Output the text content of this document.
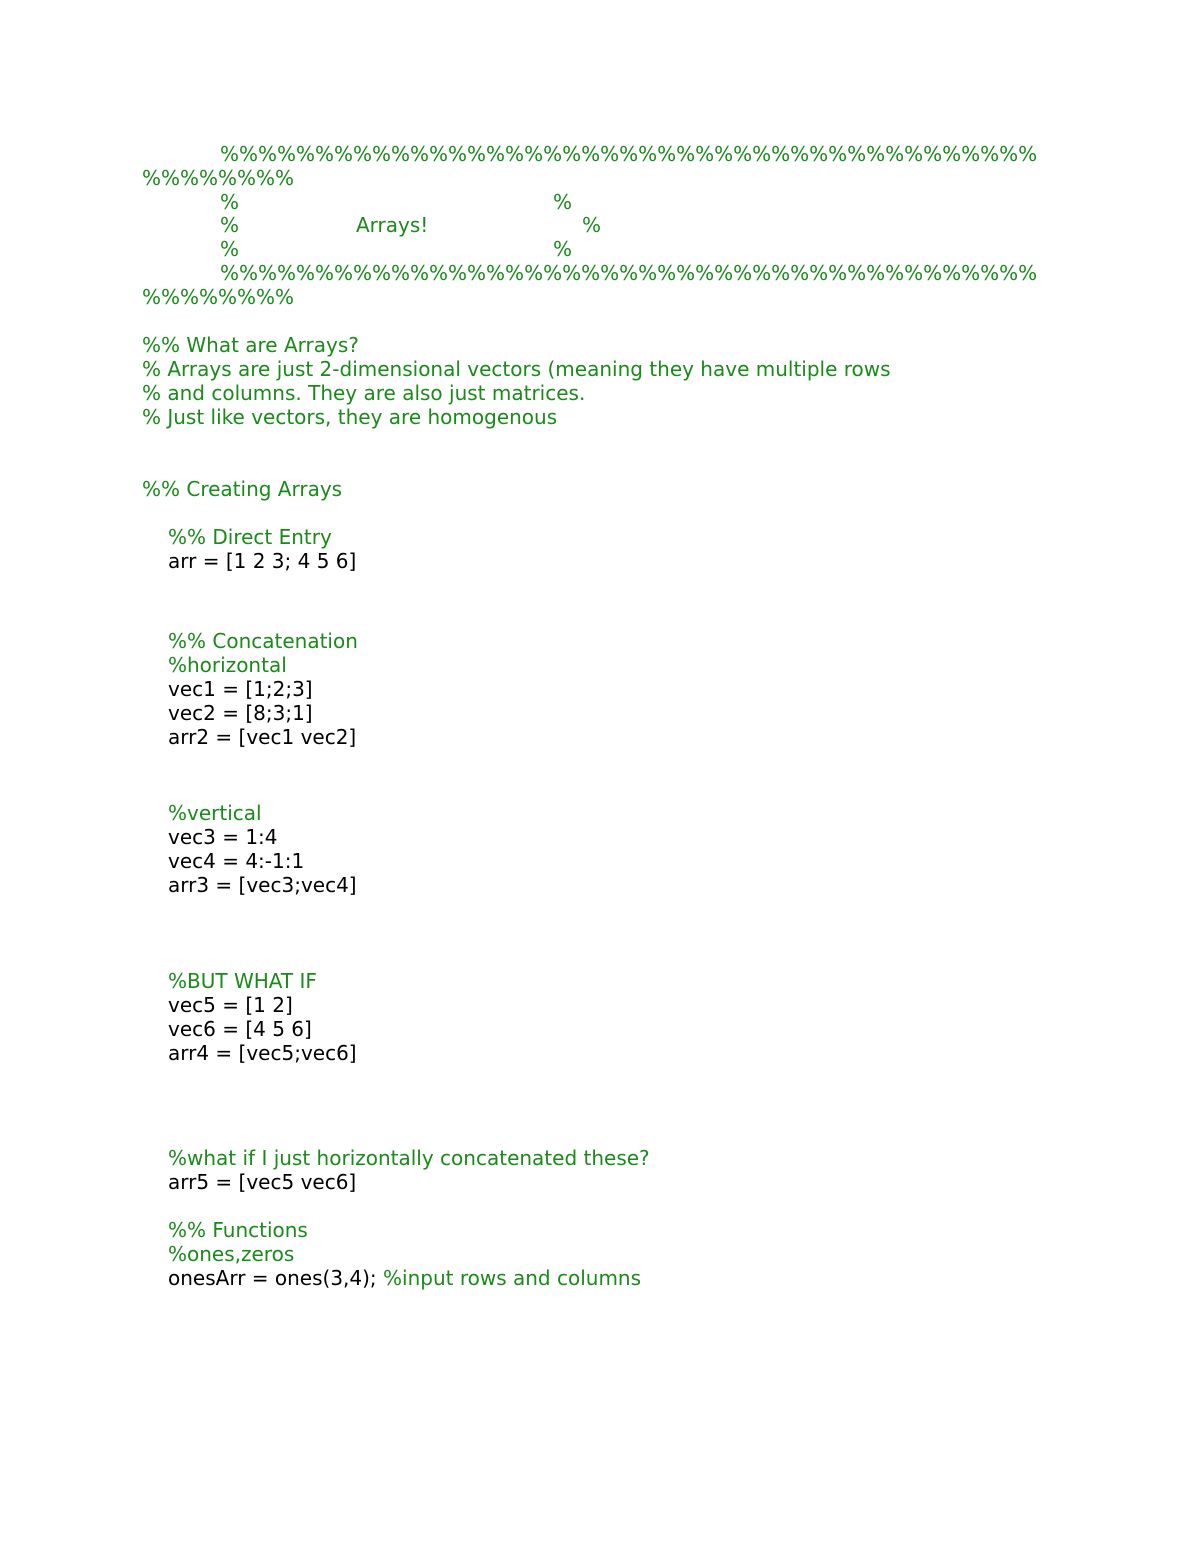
%%%%%%%%%%%%%%%%%%%%%%%%%%%%%%%%%%%%%%%%%%%
%%%%%%%%
%	%
%	Arrays!	%
%	%
%%%%%%%%%%%%%%%%%%%%%%%%%%%%%%%%%%%%%%%%%%%
%%%%%%%%
%% What are Arrays?
% Arrays are just 2-dimensional vectors (meaning they have multiple rows
% and columns. They are also just matrices.
% Just like vectors, they are homogenous
%% Creating Arrays
%% Direct Entry
arr = [1 2 3; 4 5 6]
%% Concatenation
%horizontal
vec1 = [1;2;3]
vec2 = [8;3;1]
arr2 = [vec1 vec2]
%vertical
vec3 = 1:4
vec4 = 4:-1:1
arr3 = [vec3;vec4]
%BUT WHAT IF
vec5 = [1 2]
vec6 = [4 5 6]
arr4 = [vec5;vec6]
%what if I just horizontally concatenated these?
arr5 = [vec5 vec6]
%% Functions
%ones,zeros
onesArr = ones(3,4); %input rows and columns
